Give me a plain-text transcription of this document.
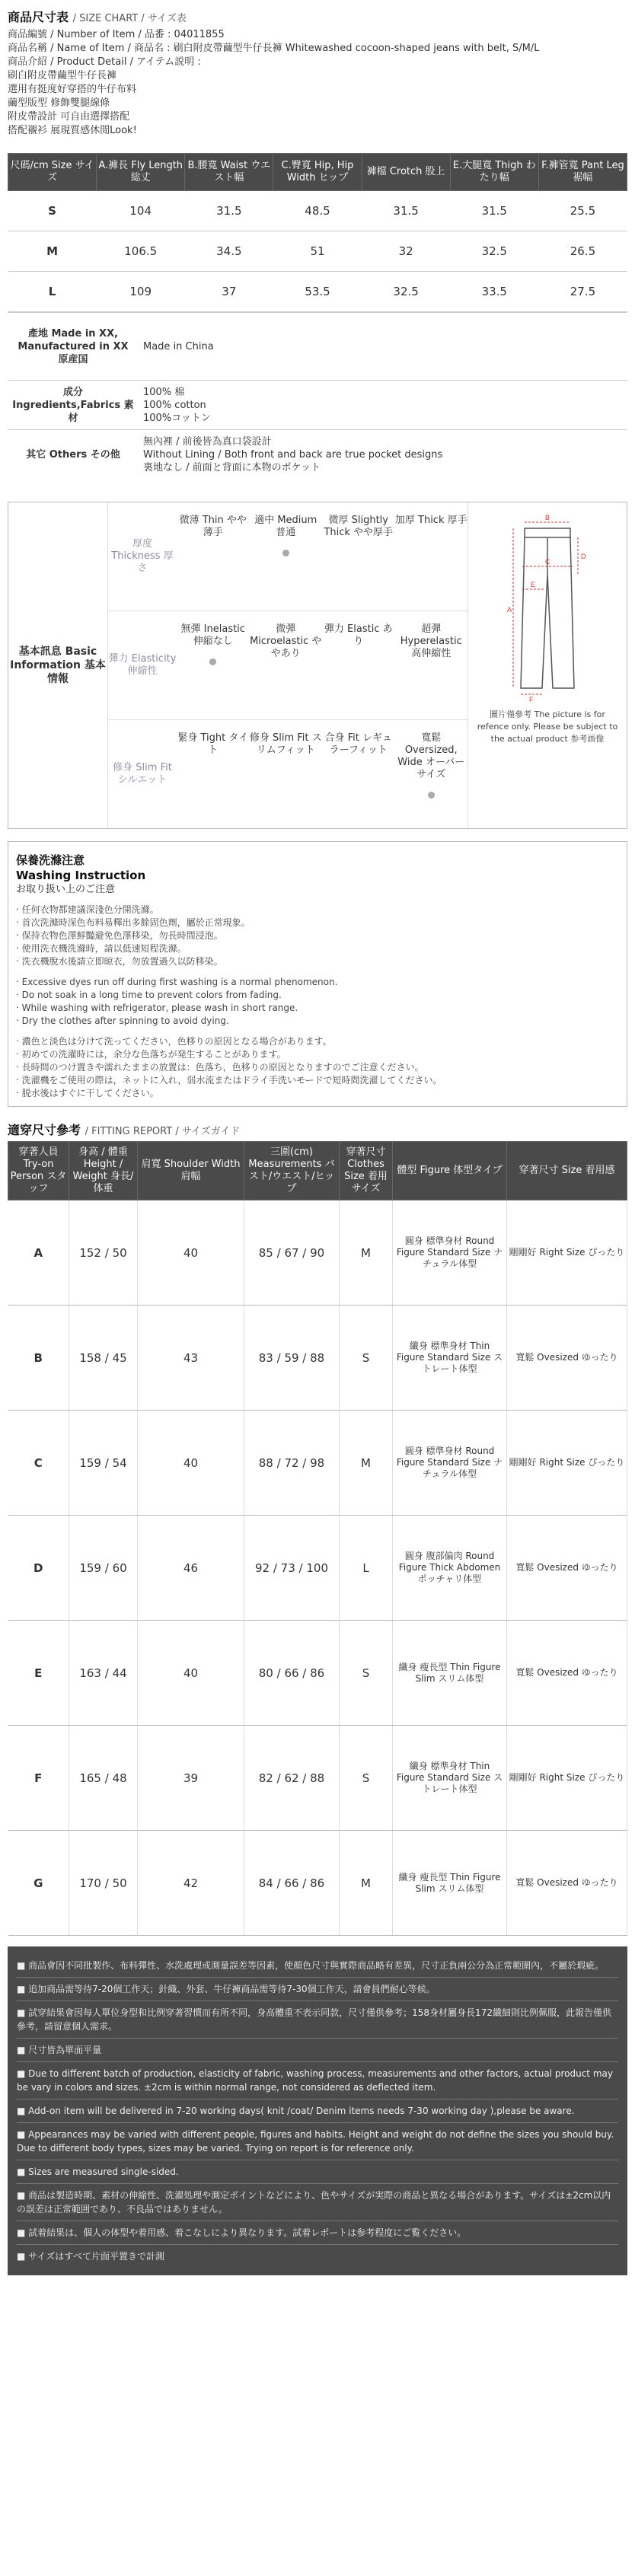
商品尺寸表 / SIZE CHART / サイズ表
商品編號 / Number of Item / 品番 : 04011855
商品名稱 / Name of Item / 商品名 : 刷白附皮帶繭型牛仔長褲 Whitewashed cocoon-shaped jeans with belt, S/M/L
商品介紹 / Product Detail / アイテム説明 :
刷白附皮帶繭型牛仔長褲
選用有挺度好穿搭的牛仔布料
繭型版型 修飾雙腿線條
附皮帶設計 可自由選擇搭配
搭配襯衫 展現質感休閒Look!
尺碼/cm Size サイズ	A.褲長 Fly Length 総丈	B.腰寬 Waist ウエスト幅	C.臀寬 Hip, Hip Width ヒップ	褲檔 Crotch 股上	E.大腿寬 Thigh わたり幅	F.褲管寬 Pant Leg 裾幅
S	104	31.5	48.5	31.5	31.5	25.5
M	106.5	34.5	51	32	32.5	26.5
L	109	37	53.5	32.5	33.5	27.5
產地 Made in XX, Manufactured in XX 原産国	Made in China
成分 Ingredients,Fabrics 素材	100% 棉
100% cotton
100%コットン
其它 Others その他	無內裡 / 前後皆為真口袋設計
Without Lining / Both front and back are true pocket designs
裏地なし / 前面と背面に本物のポケット
基本訊息 Basic Information 基本情報
厚度 Thickness 厚さ
微薄 Thin やや薄手
適中 Medium 普通
微厚 Slightly Thick やや厚手
加厚 Thick 厚手
彈力 Elasticity 伸縮性
無彈 Inelastic 伸縮なし
微彈 Microelastic ややあり
彈力 Elastic あり
超彈 Hyperelastic 高伸縮性
修身 Slim Fit シルエット
緊身 Tight タイト
修身 Slim Fit スリムフィット
合身 Fit レギュラーフィット
寬鬆 Oversized, Wide オーバーサイズ
A
B
C
D
E
F
圖片僅參考 The picture is for refence only. Please be subject to the actual product 参考画像
保養洗滌注意
Washing Instruction
お取り扱い上のご注意
‧ 任何衣物都建議深淺色分開洗滌。
‧ 首次洗滌時深色布料易釋出多餘固色劑，屬於正常現象。
‧ 保持衣物色澤鮮豔避免色澤移染，勿長時間浸泡。
‧ 使用洗衣機洗滌時，請以低速短程洗滌。
‧ 洗衣機脫水後請立即晾衣，勿放置過久以防移染。
‧ Excessive dyes run off during first washing is a normal phenomenon.
‧ Do not soak in a long time to prevent colors from fading.
‧ While washing with refrigerator, please wash in short range.
‧ Dry the clothes after spinning to avoid dying.
‧ 濃色と淡色は分けて洗ってください，色移りの原因となる場合があります。
‧ 初めての洗濯時には，余分な色落ちが発生することがあります。
‧ 長時間のつけ置きや濡れたままの放置は：色落ち，色移りの原因となりますのでご注意ください。
‧ 洗濯機をご使用の際は，ネットに入れ，弱水流またはドライ手洗いモードで短時間洗濯してください。
‧ 脱水後はすぐに干してください。
適穿尺寸參考 / FITTING REPORT / サイズガイド
穿著人員 Try-on Person スタッフ	身高 / 體重 Height / Weight 身長/体重	肩寬 Shoulder Width 肩幅	三圍(cm) Measurements バスト/ウエスト/ヒップ	穿著尺寸 Clothes Size 着用サイズ	體型 Figure 体型タイプ	穿著尺寸 Size 着用感
A	152 / 50	40	85 / 67 / 90	M	圓身 標準身材 Round Figure Standard Size ナチュラル体型	剛剛好 Right Size ぴったり
B	158 / 45	43	83 / 59 / 88	S	纖身 標準身材 Thin Figure Standard Size ストレート体型	寬鬆 Ovesized ゆったり
C	159 / 54	40	88 / 72 / 98	M	圓身 標準身材 Round Figure Standard Size ナチュラル体型	剛剛好 Right Size ぴったり
D	159 / 60	46	92 / 73 / 100	L	圓身 腹部偏肉 Round Figure Thick Abdomen ポッチャリ体型	寬鬆 Ovesized ゆったり
E	163 / 44	40	80 / 66 / 86	S	纖身 瘦長型 Thin Figure Slim スリム体型	寬鬆 Ovesized ゆったり
F	165 / 48	39	82 / 62 / 88	S	纖身 標準身材 Thin Figure Standard Size ストレート体型	剛剛好 Right Size ぴったり
G	170 / 50	42	84 / 66 / 86	M	纖身 瘦長型 Thin Figure Slim スリム体型	寬鬆 Ovesized ゆったり
■ 商品會因不同批製作、布料彈性、水洗處理或測量誤差等因素，使顏色尺寸與實際商品略有差異，尺寸正負兩公分為正常範圍內，不屬於瑕疵。
■ 追加商品需等待7-20個工作天；針織、外套、牛仔褲商品需等待7-30個工作天，請會員們耐心等候。
■ 試穿結果會因每人單位身型和比例穿著習慣而有所不同，身高體重不表示同款，尺寸僅供參考；158身材屬身長172纖細則比例佩服，此報告僅供參考，請留意個人需求。
■ 尺寸皆為單面平量
■ Due to different batch of production, elasticity of fabric, washing process, measurements and other factors, actual product may be vary in colors and sizes. ±2cm is within normal range, not considered as deflected item.
■ Add-on item will be delivered in 7-20 working days( knit /coat/ Denim items needs 7-30 working day ),please be aware.
■ Appearances may be varied with different people, figures and habits. Height and weight do not define the sizes you should buy. Due to different body types, sizes may be varied. Trying on report is for reference only.
■ Sizes are measured single-sided.
■ 商品は製造時期、素材の伸縮性、洗濯処理や測定ポイントなどにより、色やサイズが実際の商品と異なる場合があります。サイズは±2cm以内の誤差は正常範囲であり、不良品ではありません。
■ 試着結果は、個人の体型や着用感、着こなしにより異なります。試着レポートは参考程度にご覧ください。
■ サイズはすべて片面平置きで計測
